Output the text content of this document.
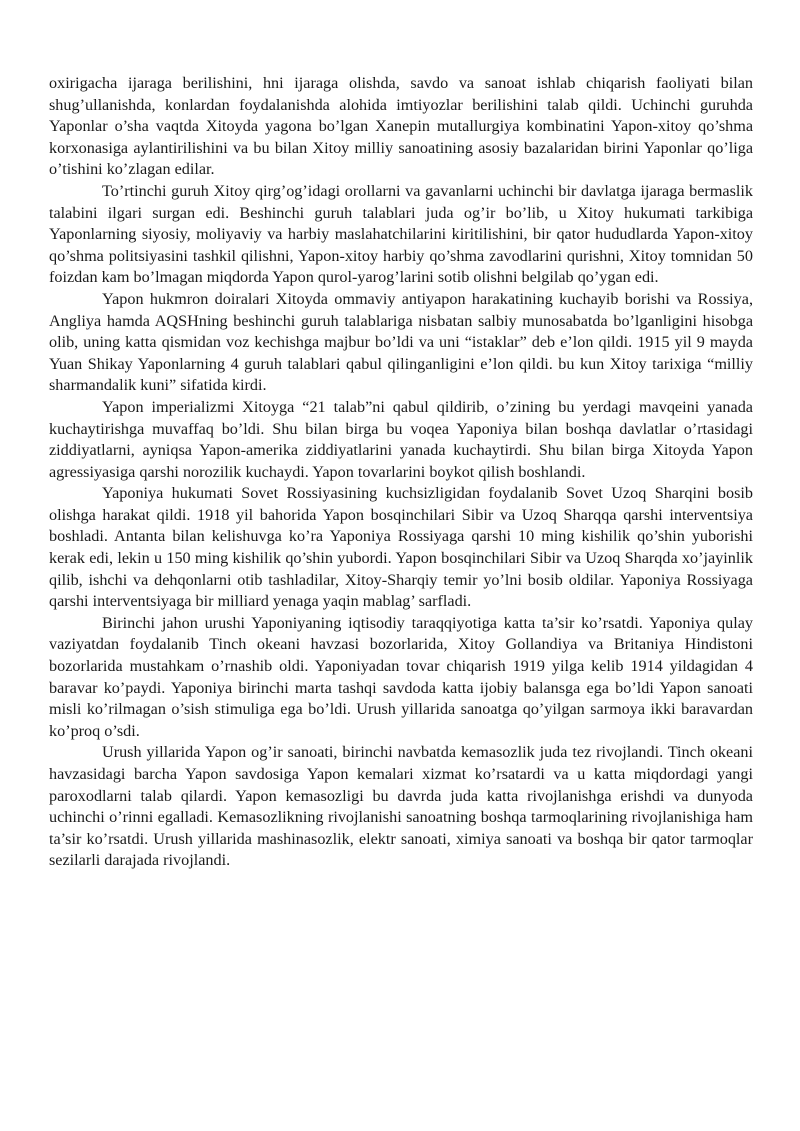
oxirigacha ijaraga berilishini, hni ijaraga olishda, savdo va sanoat ishlab chiqarish faoliyati bilan shug’ullanishda, konlardan foydalanishda alohida imtiyozlar berilishini talab qildi. Uchinchi guruhda Yaponlar o’sha vaqtda Xitoyda yagona bo’lgan Xanepin mutallurgiya kombinatini Yapon-xitoy qo’shma korxonasiga aylantirilishini va bu bilan Xitoy milliy sanoatining asosiy bazalaridan birini Yaponlar qo’liga o’tishini ko’zlagan edilar.

To’rtinchi guruh Xitoy qirg’og’idagi orollarni va gavanlarni uchinchi bir davlatga ijaraga bermaslik talabini ilgari surgan edi. Beshinchi guruh talablari juda og’ir bo’lib, u Xitoy hukumati tarkibiga Yaponlarning siyosiy, moliyaviy va harbiy maslahatchilarini kiritilishini, bir qator hududlarda Yapon-xitoy qo’shma politsiyasini tashkil qilishni, Yapon-xitoy harbiy qo’shma zavodlarini qurishni, Xitoy tomnidan 50 foizdan kam bo’lmagan miqdorda Yapon qurol-yarog’larini sotib olishni belgilab qo’ygan edi.

Yapon hukmron doiralari Xitoyda ommaviy antiyapon harakatining kuchayib borishi va Rossiya, Angliya hamda AQSHning beshinchi guruh talablariga nisbatan salbiy munosabatda bo’lganligini hisobga olib, uning katta qismidan voz kechishga majbur bo’ldi va uni “istaklar” deb e’lon qildi. 1915 yil 9 mayda Yuan Shikay Yaponlarning 4 guruh talablari qabul qilinganligini e’lon qildi. bu kun Xitoy tarixiga “milliy sharmandalik kuni” sifatida kirdi.

Yapon imperializmi Xitoyga “21 talab”ni qabul qildirib, o’zining bu yerdagi mavqeini yanada kuchaytirishga muvaffaq bo’ldi. Shu bilan birga bu voqea Yaponiya bilan boshqa davlatlar o’rtasidagi ziddiyatlarni, ayniqsa Yapon-amerika ziddiyatlarini yanada kuchaytirdi. Shu bilan birga Xitoyda Yapon agressiyasiga qarshi norozilik kuchaydi. Yapon tovarlarini boykot qilish boshlandi.

Yaponiya hukumati Sovet Rossiyasining kuchsizligidan foydalanib Sovet Uzoq Sharqini bosib olishga harakat qildi. 1918 yil bahorida Yapon bosqinchilari Sibir va Uzoq Sharqqa qarshi interventsiya boshladi. Antanta bilan kelishuvga ko’ra Yaponiya Rossiyaga qarshi 10 ming kishilik qo’shin yuborishi kerak edi, lekin u 150 ming kishilik qo’shin yubordi. Yapon bosqinchilari Sibir va Uzoq Sharqda xo’jayinlik qilib, ishchi va dehqonlarni otib tashladilar, Xitoy-Sharqiy temir yo’lni bosib oldilar. Yaponiya Rossiyaga qarshi interventsiyaga bir milliard yenaga yaqin mablag’ sarfladi.

Birinchi jahon urushi Yaponiyaning iqtisodiy taraqqiyotiga katta ta’sir ko’rsatdi. Yaponiya qulay vaziyatdan foydalanib Tinch okeani havzasi bozorlarida, Xitoy Gollandiya va Britaniya Hindistoni bozorlarida mustahkam o’rnashib oldi. Yaponiyadan tovar chiqarish 1919 yilga kelib 1914 yildagidan 4 baravar ko’paydi. Yaponiya birinchi marta tashqi savdoda katta ijobiy balansga ega bo’ldi Yapon sanoati misli ko’rilmagan o’sish stimuliga ega bo’ldi. Urush yillarida sanoatga qo’yilgan sarmoya ikki baravardan ko’proq o’sdi.

Urush yillarida Yapon og’ir sanoati, birinchi navbatda kemasozlik juda tez rivojlandi. Tinch okeani havzasidagi barcha Yapon savdosiga Yapon kemalari xizmat ko’rsatardi va u katta miqdordagi yangi paroxodlarni talab qilardi. Yapon kemasozligi bu davrda juda katta rivojlanishga erishdi va dunyoda uchinchi o’rinni egalladi. Kemasozlikning rivojlanishi sanoatning boshqa tarmoqlarining rivojlanishiga ham ta’sir ko’rsatdi. Urush yillarida mashinasozlik, elektr sanoati, ximiya sanoati va boshqa bir qator tarmoqlar sezilarli darajada rivojlandi.
